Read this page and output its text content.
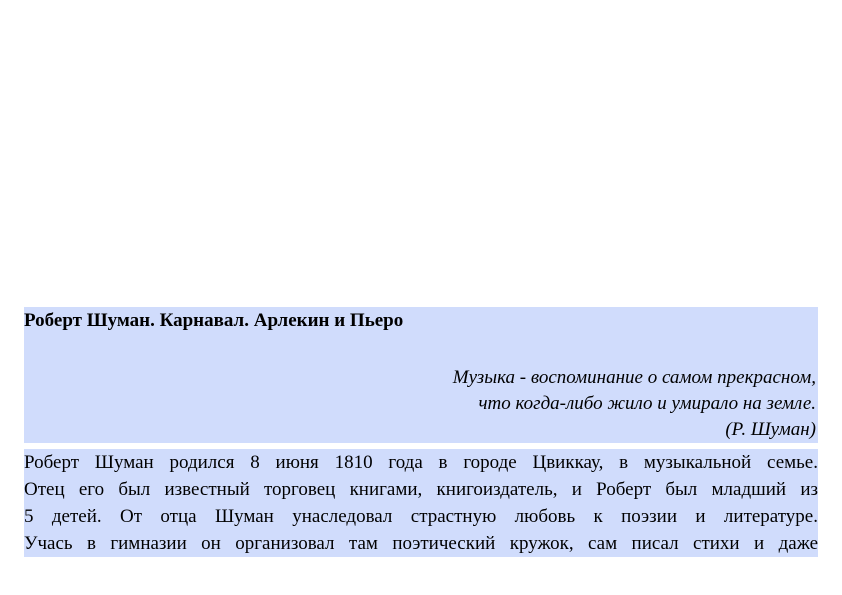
Роберт Шуман. Карнавал. Арлекин и Пьеро
Музыка - воспоминание о самом прекрасном,
что когда-либо жило и умирало на земле.
(Р. Шуман)
Роберт Шуман родился 8 июня 1810 года в городе Цвиккау, в музыкальной семье.
Отец его был известный торговец книгами, книгоиздатель, и Роберт был младший из
5 детей. От отца Шуман унаследовал страстную любовь к поэзии и литературе.
Учась в гимназии он организовал там поэтический кружок, сам писал стихи и даже
